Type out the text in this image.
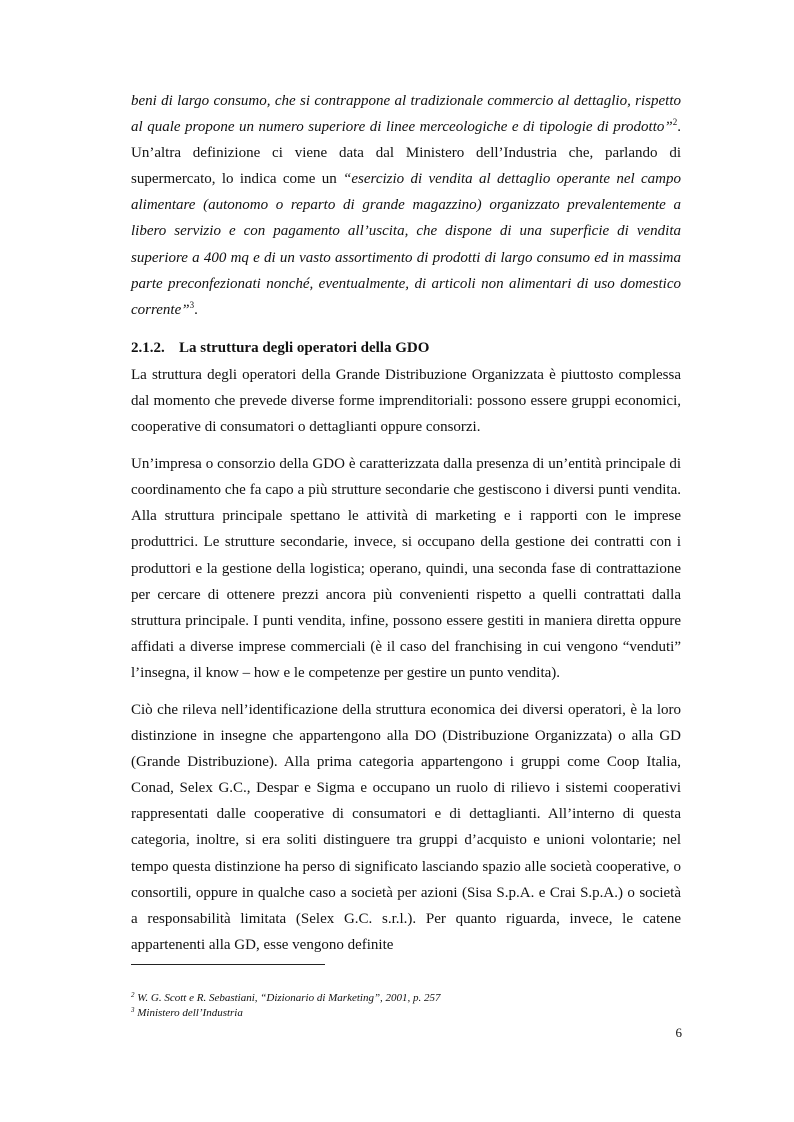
beni di largo consumo, che si contrappone al tradizionale commercio al dettaglio, rispetto al quale propone un numero superiore di linee merceologiche e di tipologie di prodotto”$^2$. Un’altra definizione ci viene data dal Ministero dell’Industria che, parlando di supermercato, lo indica come un “esercizio di vendita al dettaglio operante nel campo alimentare (autonomo o reparto di grande magazzino) organizzato prevalentemente a libero servizio e con pagamento all’uscita, che dispone di una superficie di vendita superiore a 400 mq e di un vasto assortimento di prodotti di largo consumo ed in massima parte preconfezionati nonché, eventualmente, di articoli non alimentari di uso domestico corrente”$^3$.

2.1.2. La struttura degli operatori della GDO

La struttura degli operatori della Grande Distribuzione Organizzata è piuttosto complessa dal momento che prevede diverse forme imprenditoriali: possono essere gruppi economici, cooperative di consumatori o dettaglianti oppure consorzi.

Un’impresa o consorzio della GDO è caratterizzata dalla presenza di un’entità principale di coordinamento che fa capo a più strutture secondarie che gestiscono i diversi punti vendita. Alla struttura principale spettano le attività di marketing e i rapporti con le imprese produttrici. Le strutture secondarie, invece, si occupano della gestione dei contratti con i produttori e la gestione della logistica; operano, quindi, una seconda fase di contrattazione per cercare di ottenere prezzi ancora più convenienti rispetto a quelli contrattati dalla struttura principale. I punti vendita, infine, possono essere gestiti in maniera diretta oppure affidati a diverse imprese commerciali (è il caso del franchising in cui vengono “venduti” l’insegna, il know – how e le competenze per gestire un punto vendita).

Ciò che rileva nell’identificazione della struttura economica dei diversi operatori, è la loro distinzione in insegne che appartengono alla DO (Distribuzione Organizzata) o alla GD (Grande Distribuzione). Alla prima categoria appartengono i gruppi come Coop Italia, Conad, Selex G.C., Despar e Sigma e occupano un ruolo di rilievo i sistemi cooperativi rappresentati dalle cooperative di consumatori e di dettaglianti. All’interno di questa categoria, inoltre, si era soliti distinguere tra gruppi d’acquisto e unioni volontarie; nel tempo questa distinzione ha perso di significato lasciando spazio alle società cooperative, o consortili, oppure in qualche caso a società per azioni (Sisa S.p.A. e Crai S.p.A.) o società a responsabilità limitata (Selex G.C. s.r.l.). Per quanto riguarda, invece, le catene appartenenti alla GD, esse vengono definite

$^2$ W. G. Scott e R. Sebastiani, “Dizionario di Marketing”, 2001, p. 257
$^3$ Ministero dell’Industria
6
